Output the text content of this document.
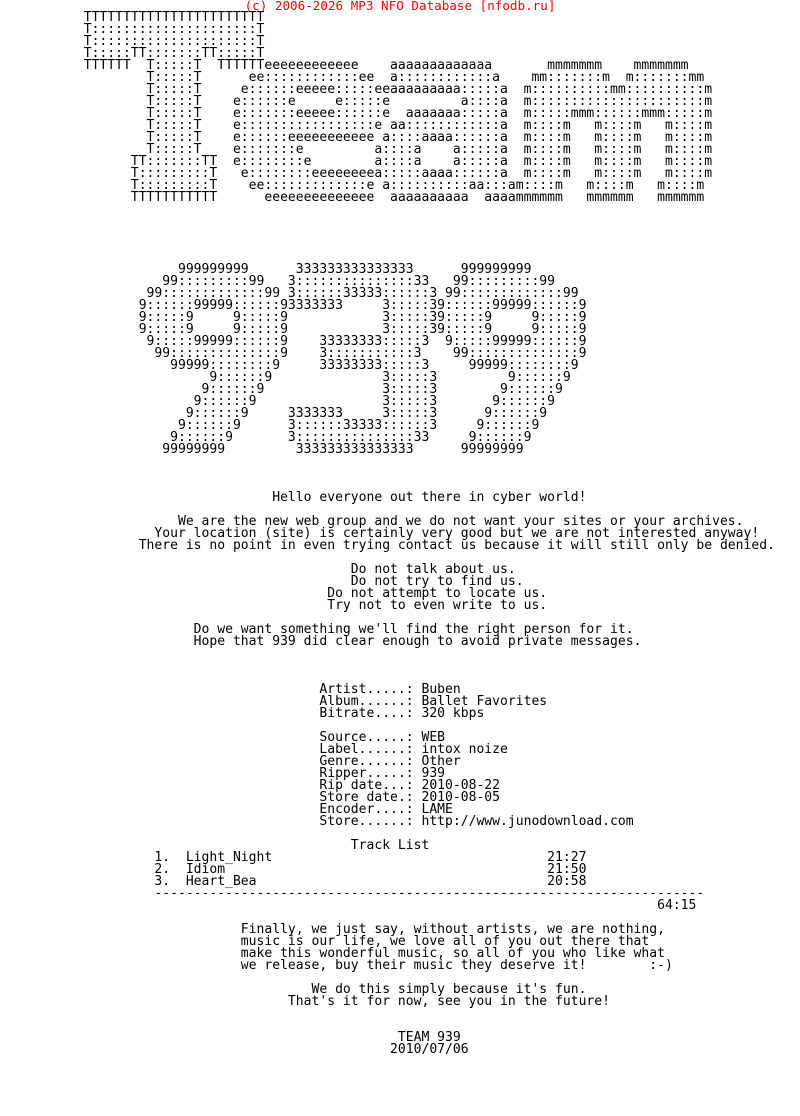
(c) 2006-2026 MP3 NFO Database [nfodb.ru]
TTTTTTTTTTTTTTTTTTTTTTT
T:::::::::::::::::::::T
T:::::::::::::::::::::T
T:::::TT:::::::TT:::::T
TTTTTT  T:::::T  TTTTTTeeeeeeeeeeee    aaaaaaaaaaaaa       mmmmmmm    mmmmmmm
T:::::T      ee::::::::::::ee  a::::::::::::a    mm:::::::m  m:::::::mm
T:::::T     e::::::eeeee:::::eeaaaaaaaaa:::::a  m::::::::::mm::::::::::m
T:::::T    e::::::e     e:::::e         a::::a  m::::::::::::::::::::::m
T:::::T    e:::::::eeeee::::::e  aaaaaaa:::::a  m:::::mmm::::::mmm:::::m
T:::::T    e:::::::::::::::::e aa::::::::::::a  m::::m   m::::m   m::::m
T:::::T    e::::::eeeeeeeeeee a::::aaaa::::::a  m::::m   m::::m   m::::m
T:::::T    e:::::::e         a::::a    a:::::a  m::::m   m::::m   m::::m
TT:::::::TT  e::::::::e        a::::a    a:::::a  m::::m   m::::m   m::::m
T:::::::::T   e::::::::eeeeeeeea:::::aaaa::::::a  m::::m   m::::m   m::::m
T:::::::::T    ee:::::::::::::e a::::::::::aa:::am::::m   m::::m   m::::m
TTTTTTTTTTT      eeeeeeeeeeeeee  aaaaaaaaaa  aaaammmmmm   mmmmmm   mmmmmm

999999999      333333333333333      999999999
99:::::::::99   3:::::::::::::::33   99:::::::::99
99:::::::::::::99 3::::::33333::::::3 99:::::::::::::99
9::::::99999::::::93333333     3:::::39::::::99999::::::9
9:::::9     9:::::9            3:::::39:::::9     9:::::9
9:::::9     9:::::9            3:::::39:::::9     9:::::9
9:::::99999::::::9    33333333:::::3  9:::::99999::::::9
99::::::::::::::9    3:::::::::::3    99::::::::::::::9
99999::::::::9     33333333:::::3     99999::::::::9
9::::::9              3:::::3         9::::::9
9::::::9               3:::::3        9::::::9
9::::::9                3:::::3       9::::::9
9::::::9     3333333     3:::::3      9::::::9
9::::::9      3::::::33333::::::3     9::::::9
9::::::9       3:::::::::::::::33     9::::::9
99999999         333333333333333      99999999

Hello everyone out there in cyber world!

We are the new web group and we do not want your sites or your archives.
Your location (site) is certainly very good but we are not interested anyway!
There is no point in even trying contact us because it will still only be denied.

Do not talk about us.
Do not try to find us.
Do not attempt to locate us.
Try not to even write to us.

Do we want something we'll find the right person for it.
Hope that 939 did clear enough to avoid private messages.

Artist.....: Buben
Album......: Ballet Favorites
Bitrate....: 320 kbps

Source.....: WEB
Label......: intox noize
Genre......: Other
Ripper.....: 939
Rip date...: 2010-08-22
Store date.: 2010-08-05
Encoder....: LAME
Store......: http://www.junodownload.com

Track List
1.  Light_Night                                   21:27
2.  Idiom                                         21:50
3.  Heart_Bea                                     20:58
----------------------------------------------------------------------
64:15

Finally, we just say, without artists, we are nothing,
music is our life, we love all of you out there that
make this wonderful music, so all of you who like what
we release, buy their music they deserve it!        :-)

We do this simply because it's fun.
That's it for now, see you in the future!

TEAM 939
2010/07/06
